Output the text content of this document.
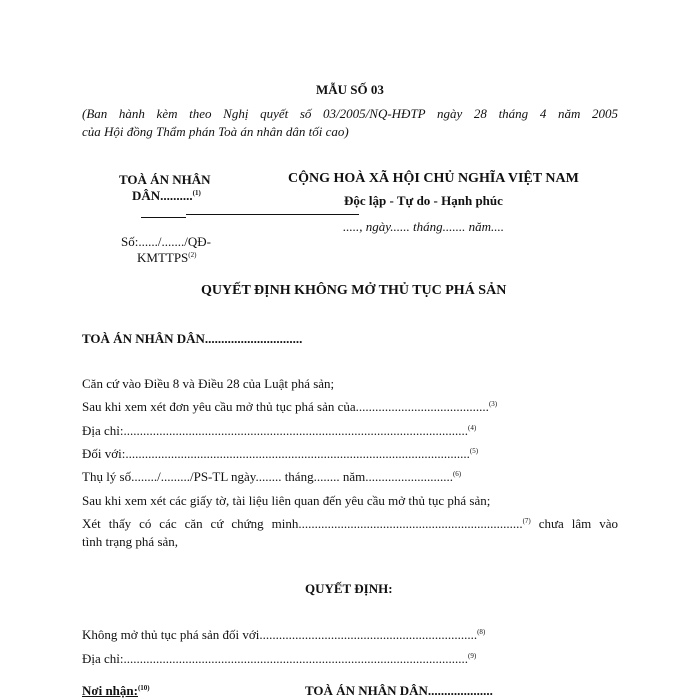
MẪU SỐ 03
(Ban hành kèm theo Nghị quyết số 03/2005/NQ-HĐTP ngày 28 tháng 4 năm 2005
của Hội đồng Thẩm phán Toà án nhân dân tối cao)
TOÀ ÁN NHÂN
DÂN..........$^{(1)}$
Số:....../......./QĐ-
KMTTPS$^{(2)}$
CỘNG HOÀ XÃ HỘI CHỦ NGHĨA VIỆT NAM
Độc lập - Tự do - Hạnh phúc
....., ngày...... tháng....... năm....
QUYẾT ĐỊNH KHÔNG MỞ THỦ TỤC PHÁ SẢN
TOÀ ÁN NHÂN DÂN..............................
Căn cứ vào Điều 8 và Điều 28 của Luật phá sản;
Sau khi xem xét đơn yêu cầu mở thủ tục phá sản của.........................................$^{(3)}$
Địa chỉ:..........................................................................................................$^{(4)}$
Đối với:..........................................................................................................$^{(5)}$
Thụ lý số......../........./PS-TL ngày........ tháng........ năm...........................$^{(6)}$
Sau khi xem xét các giấy tờ, tài liệu liên quan đến yêu cầu mở thủ tục phá sản;
Xét thấy có các căn cứ chứng minh.....................................................................$^{(7)}$ chưa lâm vào
tình trạng phá sản,
QUYẾT ĐỊNH:
Không mở thủ tục phá sản đối với...................................................................$^{(8)}$
Địa chỉ:..........................................................................................................$^{(9)}$
Nơi nhận:$^{(10)}$	TOÀ ÁN NHÂN DÂN....................
